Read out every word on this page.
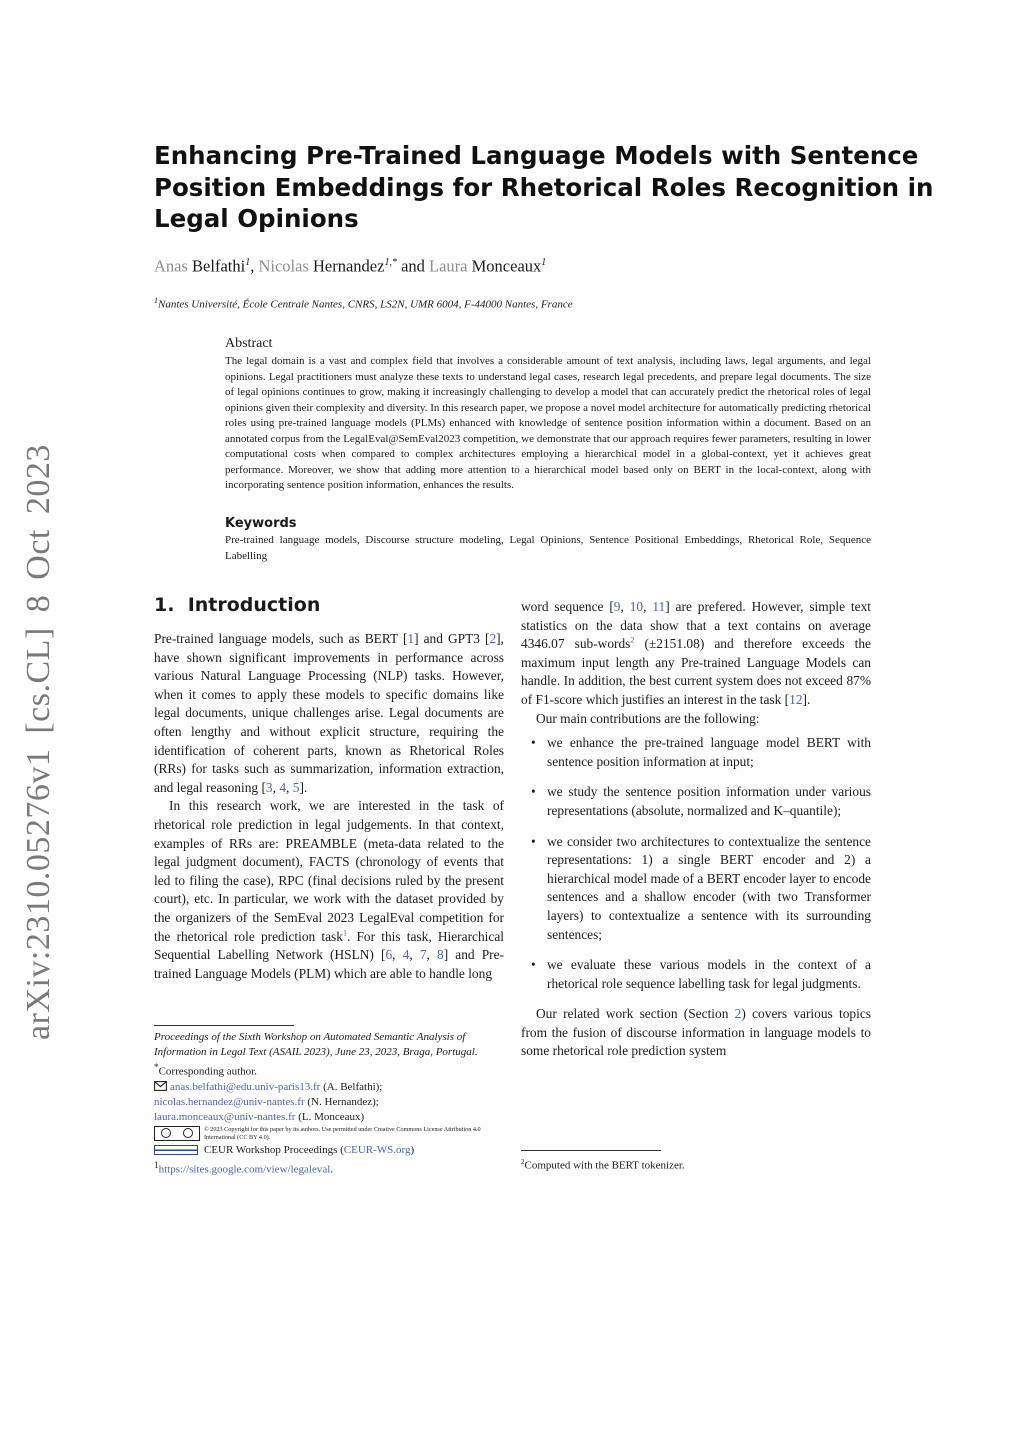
arXiv:2310.05276v1 [cs.CL] 8 Oct 2023
Enhancing Pre-Trained Language Models with Sentence
Position Embeddings for Rhetorical Roles Recognition in
Legal Opinions
Anas Belfathi$^1$, Nicolas Hernandez$^{1,*}$ and Laura Monceaux$^1$
$^1$Nantes Université, École Centrale Nantes, CNRS, LS2N, UMR 6004, F-44000 Nantes, France
Abstract

The legal domain is a vast and complex field that involves a considerable amount of text analysis, including laws, legal arguments, and legal opinions. Legal practitioners must analyze these texts to understand legal cases, research legal precedents, and prepare legal documents. The size of legal opinions continues to grow, making it increasingly challenging to develop a model that can accurately predict the rhetorical roles of legal opinions given their complexity and diversity. In this research paper, we propose a novel model architecture for automatically predicting rhetorical roles using pre-trained language models (PLMs) enhanced with knowledge of sentence position information within a document. Based on an annotated corpus from the LegalEval@SemEval2023 competition, we demonstrate that our approach requires fewer parameters, resulting in lower computational costs when compared to complex architectures employing a hierarchical model in a global-context, yet it achieves great performance. Moreover, we show that adding more attention to a hierarchical model based only on BERT in the local-context, along with incorporating sentence position information, enhances the results.

Keywords

Pre-trained language models, Discourse structure modeling, Legal Opinions, Sentence Positional Embeddings, Rhetorical Role, Sequence Labelling

1. Introduction

Pre-trained language models, such as BERT [1] and GPT3 [2], have shown significant improvements in performance across various Natural Language Processing (NLP) tasks. However, when it comes to apply these models to specific domains like legal documents, unique challenges arise. Legal documents are often lengthy and without explicit structure, requiring the identification of coherent parts, known as Rhetorical Roles (RRs) for tasks such as summarization, information extraction, and legal reasoning [3, 4, 5].

In this research work, we are interested in the task of rhetorical role prediction in legal judgements. In that context, examples of RRs are: PREAMBLE (meta-data related to the legal judgment document), FACTS (chronology of events that led to filing the case), RPC (final decisions ruled by the present court), etc. In particular, we work with the dataset provided by the organizers of the SemEval 2023 LegalEval competition for the rhetorical role prediction task$^1$. For this task, Hierarchical Sequential Labelling Network (HSLN) [6, 4, 7, 8] and Pre-trained Language Models (PLM) which are able to handle long

word sequence [9, 10, 11] are prefered. However, simple text statistics on the data show that a text contains on average 4346.07 sub-words$^2$ (±2151.08) and therefore exceeds the maximum input length any Pre-trained Language Models can handle. In addition, the best current system does not exceed 87% of F1-score which justifies an interest in the task [12].

Our main contributions are the following:

• we enhance the pre-trained language model BERT with sentence position information at input;
• we study the sentence position information under various representations (absolute, normalized and K–quantile);
• we consider two architectures to contextualize the sentence representations: 1) a single BERT encoder and 2) a hierarchical model made of a BERT encoder layer to encode sentences and a shallow encoder (with two Transformer layers) to contextualize a sentence with its surrounding sentences;
• we evaluate these various models in the context of a rhetorical role sequence labelling task for legal judgments.

Our related work section (Section 2) covers various topics from the fusion of discourse information in language models to some rhetorical role prediction system

Proceedings of the Sixth Workshop on Automated Semantic Analysis of Information in Legal Text (ASAIL 2023), June 23, 2023, Braga, Portugal.

*Corresponding author.

anas.belfathi@edu.univ-paris13.fr (A. Belfathi);

nicolas.hernandez@univ-nantes.fr (N. Hernandez);

laura.monceaux@univ-nantes.fr (L. Monceaux)

© 2023 Copyright for this paper by its authors. Use permitted under Creative Commons License Attribution 4.0 International (CC BY 4.0).
CEUR Workshop Proceedings ( CEUR-WS.org )

$^1$https://sites.google.com/view/legaleval.

$^2$Computed with the BERT tokenizer.
